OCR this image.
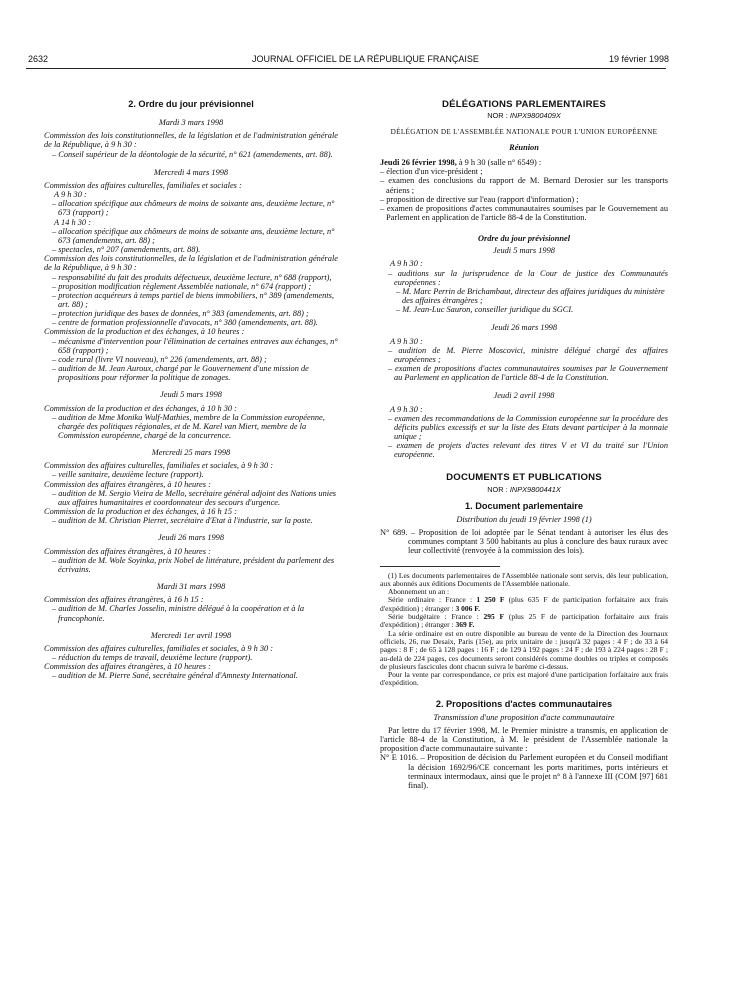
2632	JOURNAL OFFICIEL DE LA RÉPUBLIQUE FRANÇAISE	19 février 1998
2. Ordre du jour prévisionnel
Mardi 3 mars 1998
Commission des lois constitutionnelles, de la législation et de l'administration générale de la République, à 9 h 30 :
– Conseil supérieur de la déontologie de la sécurité, n° 621 (amendements, art. 88).
Mercredi 4 mars 1998
Commission des affaires culturelles, familiales et sociales :
A 9 h 30 :
– allocation spécifique aux chômeurs de moins de soixante ans, deuxième lecture, n° 673 (rapport) ;
A 14 h 30 :
– allocation spécifique aux chômeurs de moins de soixante ans, deuxième lecture, n° 673 (amendements, art. 88) ;
– spectacles, n° 207 (amendements, art. 88).
Commission des lois constitutionnelles, de la législation et de l'administration générale de la République, à 9 h 30 :
– responsabilité du fait des produits défectueux, deuxième lecture, n° 688 (rapport),
– proposition modification règlement Assemblée nationale, n° 674 (rapport) ;
– protection acquéreurs à temps partiel de biens immobiliers, n° 389 (amendements, art. 88) ;
– protection juridique des bases de données, n° 383 (amendements, art. 88) ;
– centre de formation professionnelle d'avocats, n° 380 (amendements, art. 88).
Commission de la production et des échanges, à 10 heures :
– mécanisme d'intervention pour l'élimination de certaines entraves aux échanges, n° 658 (rapport) ;
– code rural (livre VI nouveau), n° 226 (amendements, art. 88) ;
– audition de M. Jean Auroux, chargé par le Gouvernement d'une mission de propositions pour réformer la politique de zonages.
Jeudi 5 mars 1998
Commission de la production et des échanges, à 10 h 30 :
– audition de Mme Monika Wulf-Mathies, membre de la Commission européenne, chargée des politiques régionales, et de M. Karel van Miert, membre de la Commission européenne, chargé de la concurrence.
Mercredi 25 mars 1998
Commission des affaires culturelles, familiales et sociales, à 9 h 30 :
– veille sanitaire, deuxième lecture (rapport).
Commission des affaires étrangères, à 10 heures :
– audition de M. Sergio Vieira de Mello, secrétaire général adjoint des Nations unies aux affaires humanitaires et coordonnateur des secours d'urgence.
Commission de la production et des échanges, à 16 h 15 :
– audition de M. Christian Pierret, secrétaire d'Etat à l'industrie, sur la poste.
Jeudi 26 mars 1998
Commission des affaires étrangères, à 10 heures :
– audition de M. Wole Soyinka, prix Nobel de littérature, président du parlement des écrivains.
Mardi 31 mars 1998
Commission des affaires étrangères, à 16 h 15 :
– audition de M. Charles Josselin, ministre délégué à la coopération et à la francophonie.
Mercredi 1er avril 1998
Commission des affaires culturelles, familiales et sociales, à 9 h 30 :
– réduction du temps de travail, deuxième lecture (rapport).
Commission des affaires étrangères, à 10 heures :
– audition de M. Pierre Sané, secrétaire général d'Amnesty International.
DÉLÉGATIONS PARLEMENTAIRES
NOR : INPX9800409X
DÉLÉGATION DE L'ASSEMBLÉE NATIONALE POUR L'UNION EUROPÉENNE
Réunion
Jeudi 26 février 1998, à 9 h 30 (salle n° 6549) :
– élection d'un vice-président ;
– examen des conclusions du rapport de M. Bernard Derosier sur les transports aériens ;
– proposition de directive sur l'eau (rapport d'information) ;
– examen de propositions d'actes communautaires soumises par le Gouvernement au Parlement en application de l'article 88-4 de la Constitution.
Ordre du jour prévisionnel
Jeudi 5 mars 1998
A 9 h 30 :
– auditions sur la jurisprudence de la Cour de justice des Communautés européennes :
– M. Marc Perrin de Brichambaut, directeur des affaires juridiques du ministère des affaires étrangères ;
– M. Jean-Luc Sauron, conseiller juridique du SGCI.
Jeudi 26 mars 1998
A 9 h 30 :
– audition de M. Pierre Moscovici, ministre délégué chargé des affaires européennes ;
– examen de propositions d'actes communautaires soumises par le Gouvernement au Parlement en application de l'article 88-4 de la Constitution.
Jeudi 2 avril 1998
A 9 h 30 :
– examen des recommandations de la Commission européenne sur la procédure des déficits publics excessifs et sur la liste des Etats devant participer à la monnaie unique ;
– examen de projets d'actes relevant des titres V et VI du traité sur l'Union européenne.
DOCUMENTS ET PUBLICATIONS
NOR : INPX9800441X
1. Document parlementaire
Distribution du jeudi 19 février 1998 (1)
N° 689. – Proposition de loi adoptée par le Sénat tendant à autoriser les élus des communes comptant 3 500 habitants au plus à conclure des baux ruraux avec leur collectivité (renvoyée à la commission des lois).

(1) Les documents parlementaires de l'Assemblée nationale sont servis, dès leur publication, aux abonnés aux éditions Documents de l'Assemblée nationale.

Abonnement un an :

Série ordinaire : France : 1 250 F (plus 635 F de participation forfaitaire aux frais d'expédition) ; étranger : 3 006 F.

Série budgétaire : France : 295 F (plus 25 F de participation forfaitaire aux frais d'expédition) ; étranger : 369 F.

La série ordinaire est en outre disponible au bureau de vente de la Direction des Journaux officiels, 26, rue Desaix, Paris (15e), au prix unitaire de : jusqu'à 32 pages : 4 F ; de 33 à 64 pages : 8 F ; de 65 à 128 pages : 16 F ; de 129 à 192 pages : 24 F ; de 193 à 224 pages : 28 F ; au-delà de 224 pages, ces documents seront considérés comme doubles ou triples et composés de plusieurs fascicules dont chacun suivra le barème ci-dessus.

Pour la vente par correspondance, ce prix est majoré d'une participation forfaitaire aux frais d'expédition.

2. Propositions d'actes communautaires
Transmission d'une proposition d'acte communautaire
Par lettre du 17 février 1998, M. le Premier ministre a transmis, en application de l'article 88-4 de la Constitution, à M. le président de l'Assemblée nationale la proposition d'acte communautaire suivante :
N° E 1016. – Proposition de décision du Parlement européen et du Conseil modifiant la décision 1692/96/CE concernant les ports maritimes, ports intérieurs et terminaux intermodaux, ainsi que le projet n° 8 à l'annexe III (COM [97] 681 final).
